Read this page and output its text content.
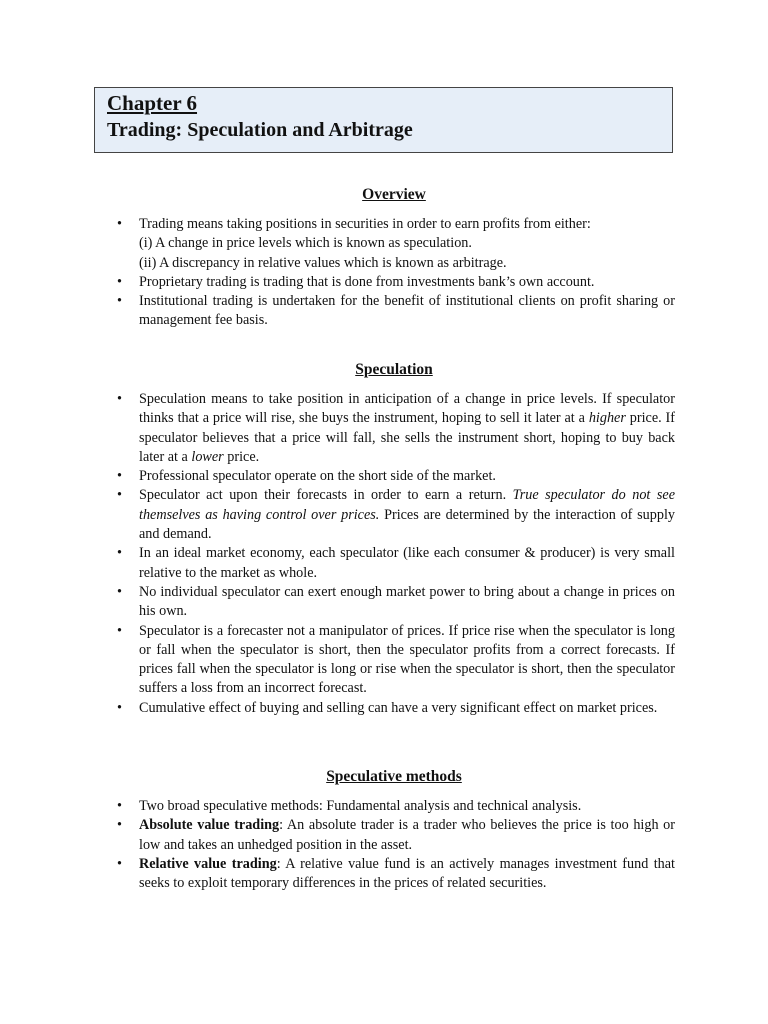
Chapter 6
Trading: Speculation and Arbitrage
Overview
• Trading means taking positions in securities in order to earn profits from either:
(i) A change in price levels which is known as speculation.
(ii) A discrepancy in relative values which is known as arbitrage.
• Proprietary trading is trading that is done from investments bank’s own account.
• Institutional trading is undertaken for the benefit of institutional clients on profit sharing or management fee basis.
Speculation
• Speculation means to take position in anticipation of a change in price levels. If speculator thinks that a price will rise, she buys the instrument, hoping to sell it later at a higher price. If speculator believes that a price will fall, she sells the instrument short, hoping to buy back later at a lower price.
• Professional speculator operate on the short side of the market.
• Speculator act upon their forecasts in order to earn a return. True speculator do not see themselves as having control over prices. Prices are determined by the interaction of supply and demand.
• In an ideal market economy, each speculator (like each consumer & producer) is very small relative to the market as whole.
• No individual speculator can exert enough market power to bring about a change in prices on his own.
• Speculator is a forecaster not a manipulator of prices. If price rise when the speculator is long or fall when the speculator is short, then the speculator profits from a correct forecasts. If prices fall when the speculator is long or rise when the speculator is short, then the speculator suffers a loss from an incorrect forecast.
• Cumulative effect of buying and selling can have a very significant effect on market prices.
Speculative methods
• Two broad speculative methods: Fundamental analysis and technical analysis.
• Absolute value trading: An absolute trader is a trader who believes the price is too high or low and takes an unhedged position in the asset.
• Relative value trading: A relative value fund is an actively manages investment fund that seeks to exploit temporary differences in the prices of related securities.
